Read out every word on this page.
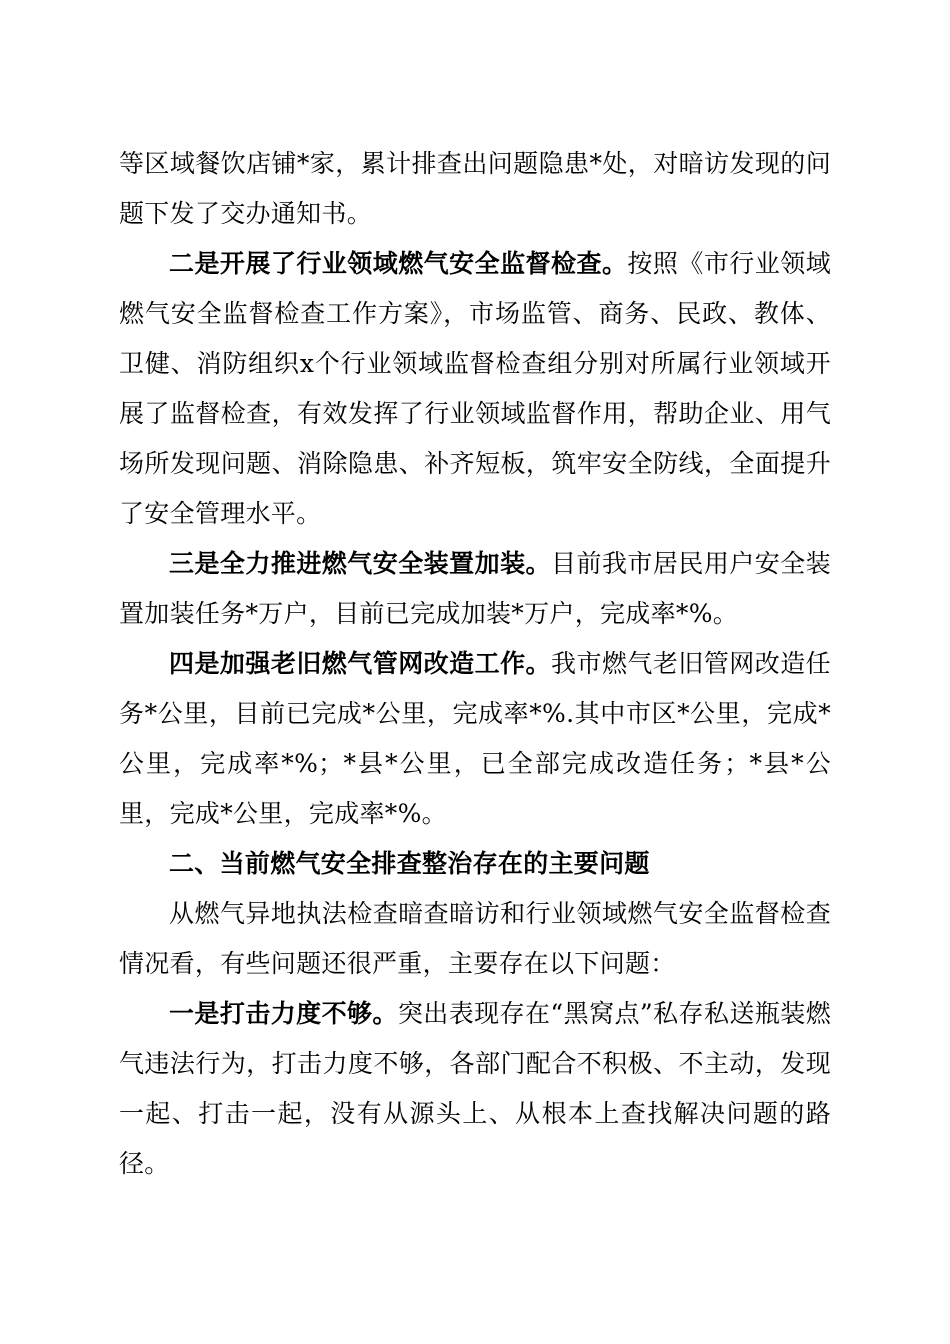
等区域餐饮店铺*家，累计排查出问题隐患*处，对暗访发现的问题下发了交办通知书。

二是开展了行业领域燃气安全监督检查。按照《市行业领域燃气安全监督检查工作方案》，市场监管、商务、民政、教体、卫健、消防组织x个行业领域监督检查组分别对所属行业领域开展了监督检查，有效发挥了行业领域监督作用，帮助企业、用气场所发现问题、消除隐患、补齐短板，筑牢安全防线，全面提升了安全管理水平。

三是全力推进燃气安全装置加装。目前我市居民用户安全装置加装任务*万户，目前已完成加装*万户，完成率*%。

四是加强老旧燃气管网改造工作。我市燃气老旧管网改造任务*公里，目前已完成*公里，完成率*%.其中市区*公里，完成*公里，完成率*%；*县*公里，已全部完成改造任务；*县*公里，完成*公里，完成率*%。

二、当前燃气安全排查整治存在的主要问题

从燃气异地执法检查暗查暗访和行业领域燃气安全监督检查情况看，有些问题还很严重，主要存在以下问题：

一是打击力度不够。突出表现存在“黑窝点”私存私送瓶装燃气违法行为，打击力度不够，各部门配合不积极、不主动，发现一起、打击一起，没有从源头上、从根本上查找解决问题的路径。
